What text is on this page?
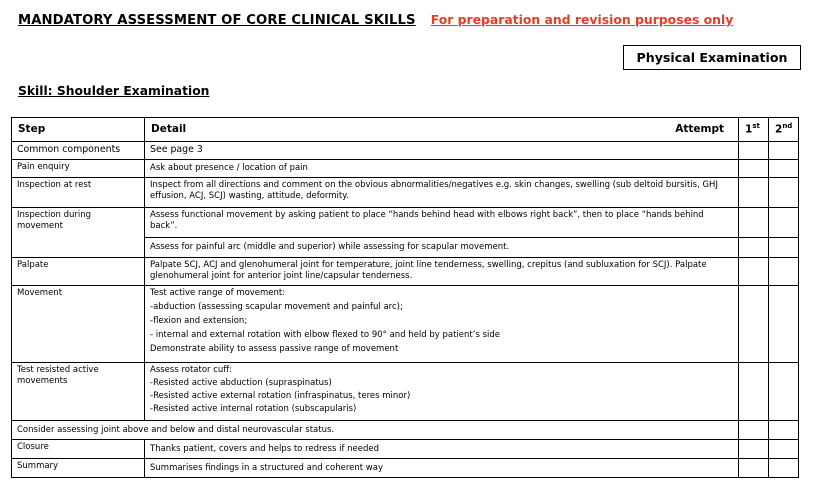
MANDATORY ASSESSMENT OF CORE CLINICAL SKILLS For preparation and revision purposes only
Physical Examination
Skill: Shoulder Examination
Step	Detail Attempt	1st	2nd
Common components	See page 3		
Pain enquiry	Ask about presence / location of pain		
Inspection at rest	Inspect from all directions and comment on the obvious abnormalities/negatives e.g. skin changes, swelling (sub deltoid bursitis, GHJ effusion, ACJ, SCJ) wasting, attitude, deformity.		
Inspection during movement	Assess functional movement by asking patient to place “hands behind head with elbows right back”, then to place “hands behind back”.		
	Assess for painful arc (middle and superior) while assessing for scapular movement.		
Palpate	Palpate SCJ, ACJ and glenohumeral joint for temperature, joint line tenderness, swelling, crepitus (and subluxation for SCJ). Palpate glenohumeral joint for anterior joint line/capsular tenderness.		
Movement	Test active range of movement:
-abduction (assessing scapular movement and painful arc);
-flexion and extension;
- internal and external rotation with elbow flexed to 90° and held by patient’s side
Demonstrate ability to assess passive range of movement		

Test resisted active movements	Assess rotator cuff:
-Resisted active abduction (supraspinatus)
-Resisted active external rotation (infraspinatus, teres minor)
-Resisted active internal rotation (subscapularis)		

Consider assessing joint above and below and distal neurovascular status.			
Closure	Thanks patient, covers and helps to redress if needed		
Summary	Summarises findings in a structured and coherent way		
